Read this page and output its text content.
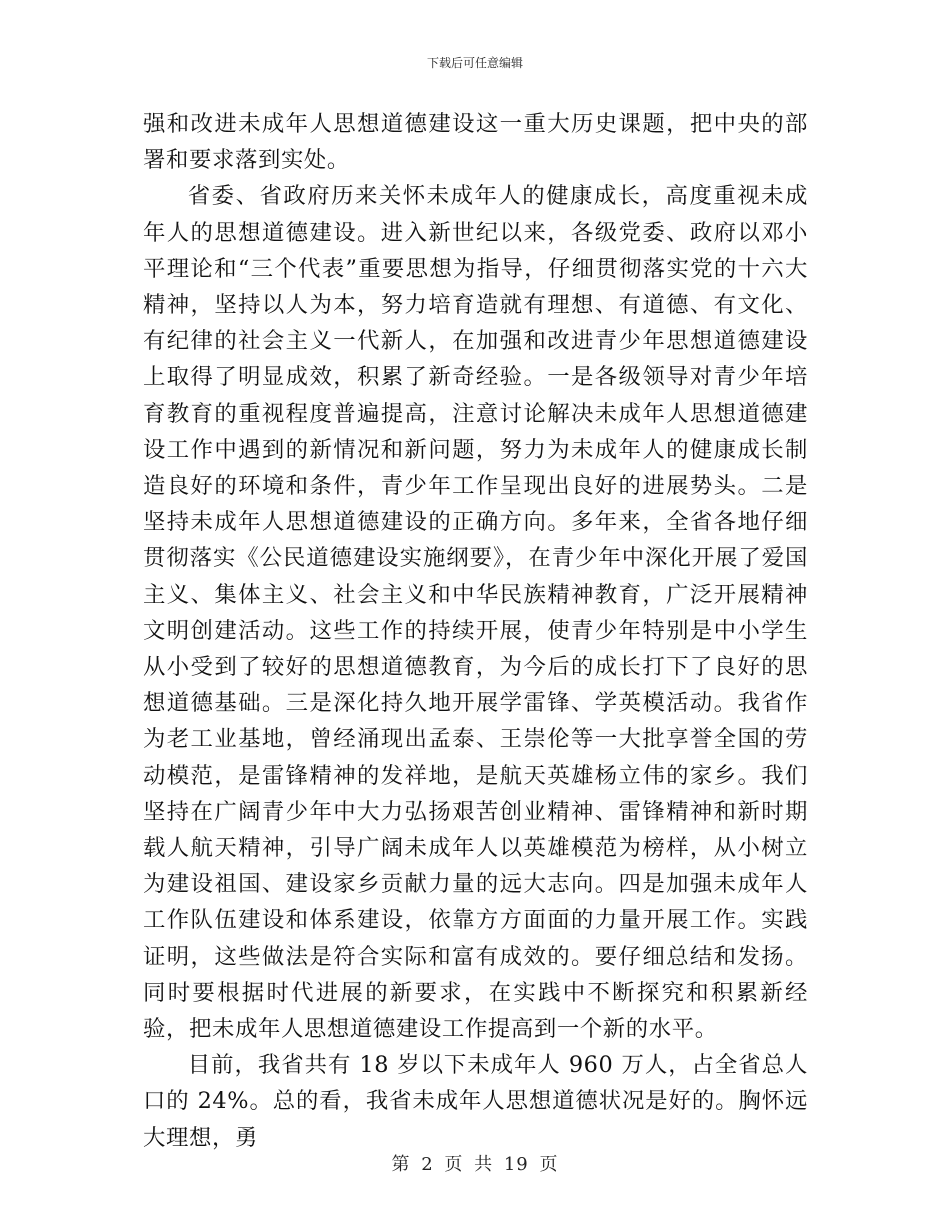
下载后可任意编辑

强和改进未成年人思想道德建设这一重大历史课题，把中央的部署和要求落到实处。

省委、省政府历来关怀未成年人的健康成长，高度重视未成年人的思想道德建设。进入新世纪以来，各级党委、政府以邓小平理论和“三个代表”重要思想为指导，仔细贯彻落实党的十六大精神，坚持以人为本，努力培育造就有理想、有道德、有文化、有纪律的社会主义一代新人，在加强和改进青少年思想道德建设上取得了明显成效，积累了新奇经验。一是各级领导对青少年培育教育的重视程度普遍提高，注意讨论解决未成年人思想道德建设工作中遇到的新情况和新问题，努力为未成年人的健康成长制造良好的环境和条件，青少年工作呈现出良好的进展势头。二是坚持未成年人思想道德建设的正确方向。多年来，全省各地仔细贯彻落实《公民道德建设实施纲要》，在青少年中深化开展了爱国主义、集体主义、社会主义和中华民族精神教育，广泛开展精神文明创建活动。这些工作的持续开展，使青少年特别是中小学生从小受到了较好的思想道德教育，为今后的成长打下了良好的思想道德基础。三是深化持久地开展学雷锋、学英模活动。我省作为老工业基地，曾经涌现出孟泰、王崇伦等一大批享誉全国的劳动模范，是雷锋精神的发祥地，是航天英雄杨立伟的家乡。我们坚持在广阔青少年中大力弘扬艰苦创业精神、雷锋精神和新时期载人航天精神，引导广阔未成年人以英雄模范为榜样，从小树立为建设祖国、建设家乡贡献力量的远大志向。四是加强未成年人工作队伍建设和体系建设，依靠方方面面的力量开展工作。实践证明，这些做法是符合实际和富有成效的。要仔细总结和发扬。同时要根据时代进展的新要求，在实践中不断探究和积累新经验，把未成年人思想道德建设工作提高到一个新的水平。

目前，我省共有 18 岁以下未成年人 960 万人，占全省总人口的 24%。总的看，我省未成年人思想道德状况是好的。胸怀远大理想，勇

第 2 页 共 19 页
